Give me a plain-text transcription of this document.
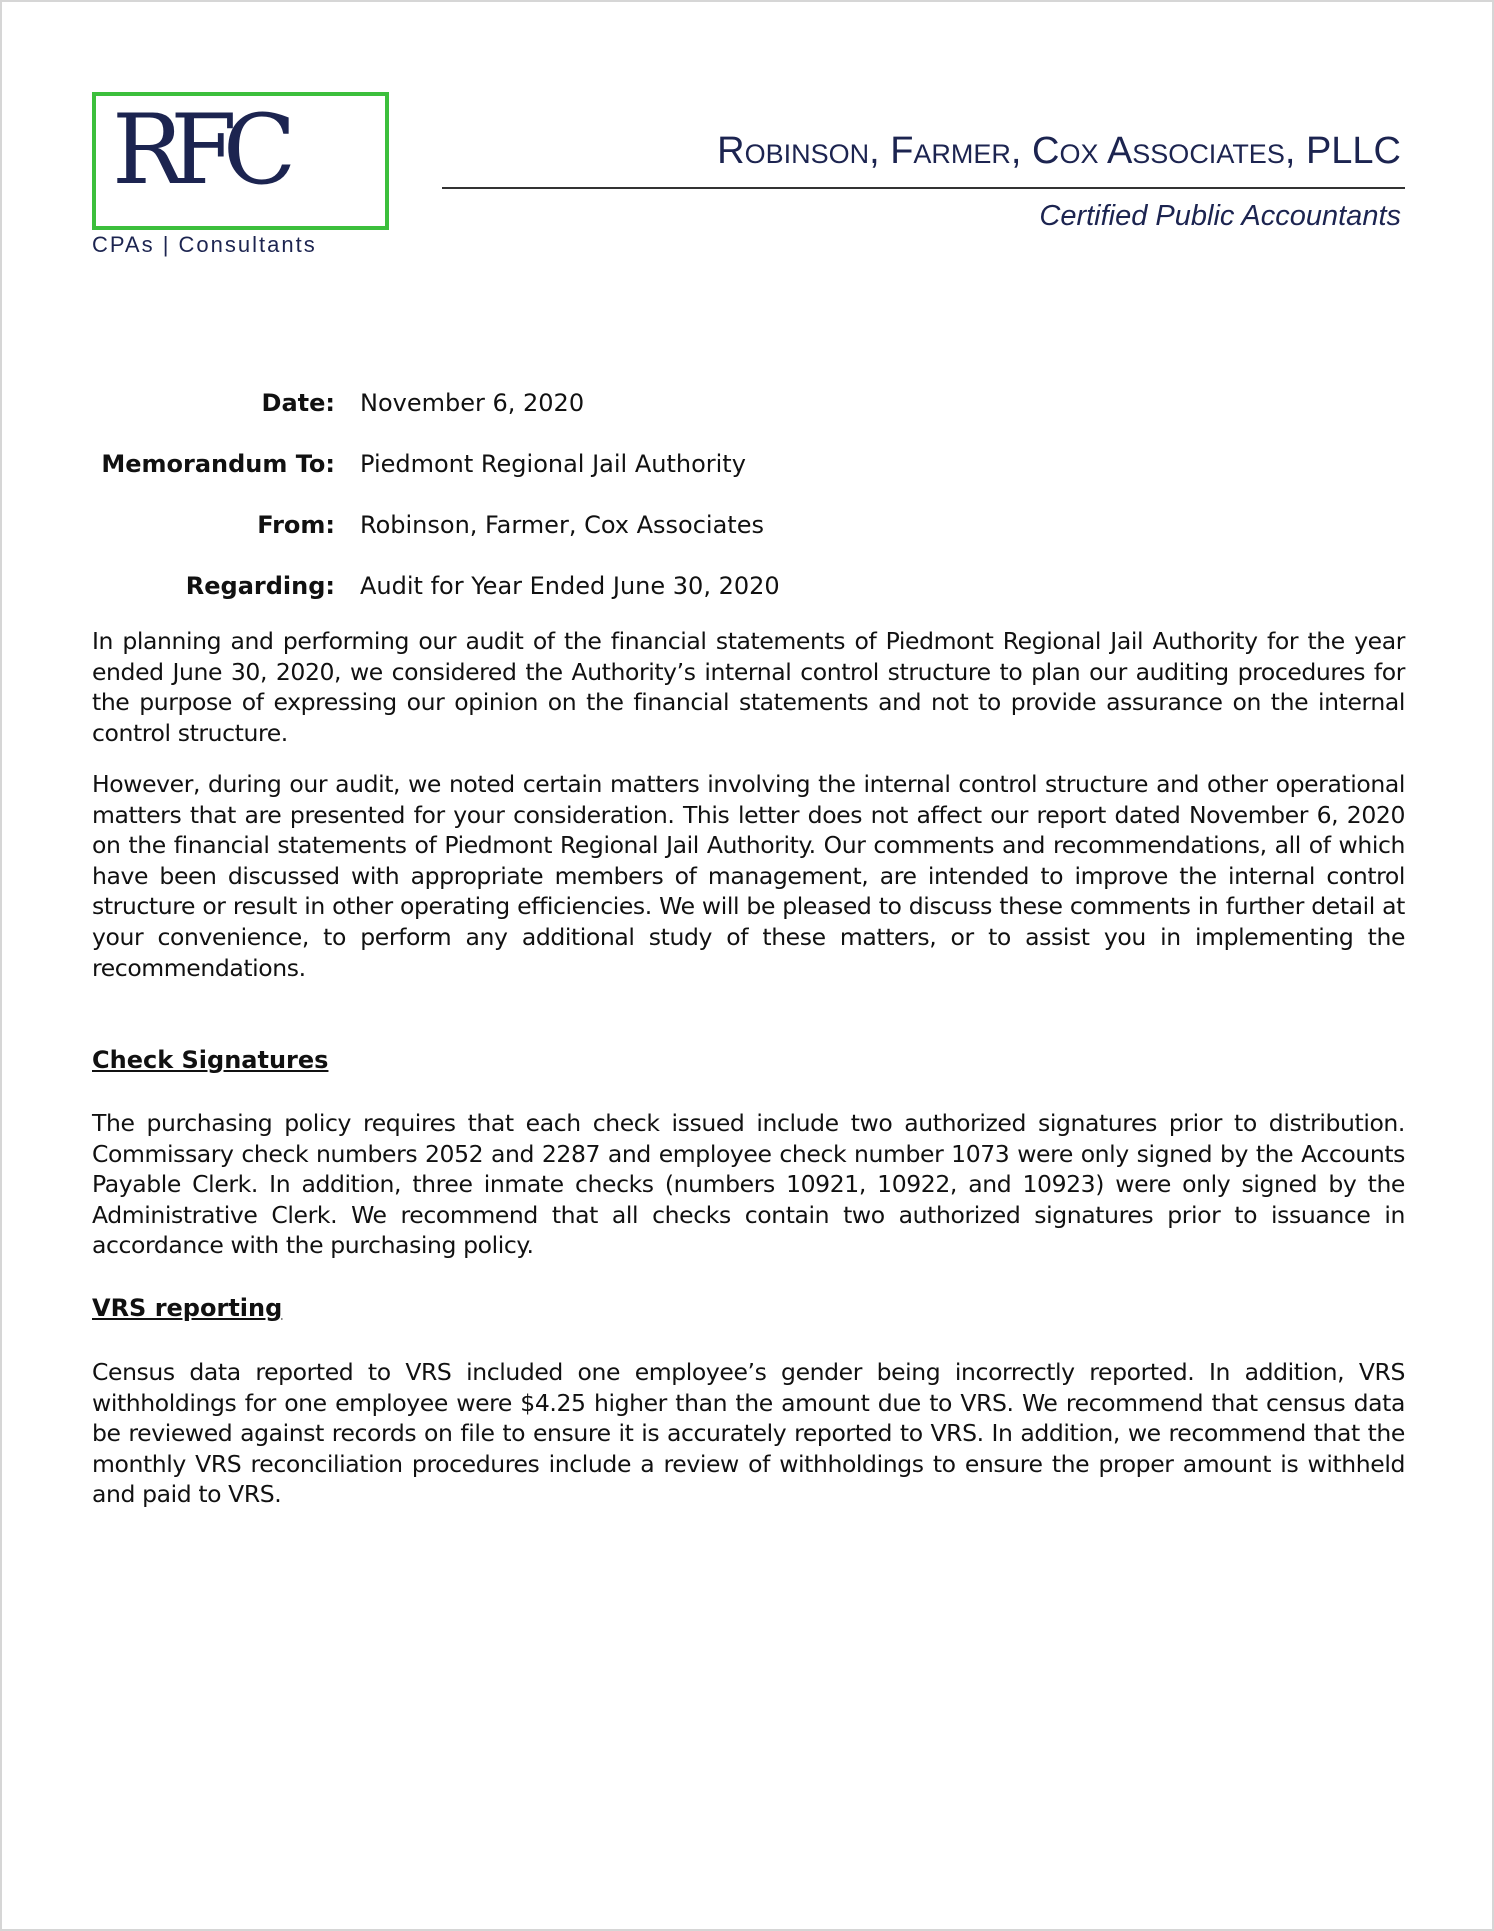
RFC
CPAs | Consultants
Robinson, Farmer, Cox Associates, PLLC
Certified Public Accountants
Date: November 6, 2020
Memorandum To: Piedmont Regional Jail Authority
From: Robinson, Farmer, Cox Associates
Regarding: Audit for Year Ended June 30, 2020

In planning and performing our audit of the financial statements of Piedmont Regional Jail Authority for the year ended June 30, 2020, we considered the Authority’s internal control structure to plan our auditing procedures for the purpose of expressing our opinion on the financial statements and not to provide assurance on the internal control structure.

However, during our audit, we noted certain matters involving the internal control structure and other operational matters that are presented for your consideration. This letter does not affect our report dated November 6, 2020 on the financial statements of Piedmont Regional Jail Authority. Our comments and recommendations, all of which have been discussed with appropriate members of management, are intended to improve the internal control structure or result in other operating efficiencies. We will be pleased to discuss these comments in further detail at your convenience, to perform any additional study of these matters, or to assist you in implementing the recommendations.

Check Signatures

The purchasing policy requires that each check issued include two authorized signatures prior to distribution. Commissary check numbers 2052 and 2287 and employee check number 1073 were only signed by the Accounts Payable Clerk. In addition, three inmate checks (numbers 10921, 10922, and 10923) were only signed by the Administrative Clerk. We recommend that all checks contain two authorized signatures prior to issuance in accordance with the purchasing policy.

VRS reporting

Census data reported to VRS included one employee’s gender being incorrectly reported. In addition, VRS withholdings for one employee were $4.25 higher than the amount due to VRS. We recommend that census data be reviewed against records on file to ensure it is accurately reported to VRS. In addition, we recommend that the monthly VRS reconciliation procedures include a review of withholdings to ensure the proper amount is withheld and paid to VRS.
